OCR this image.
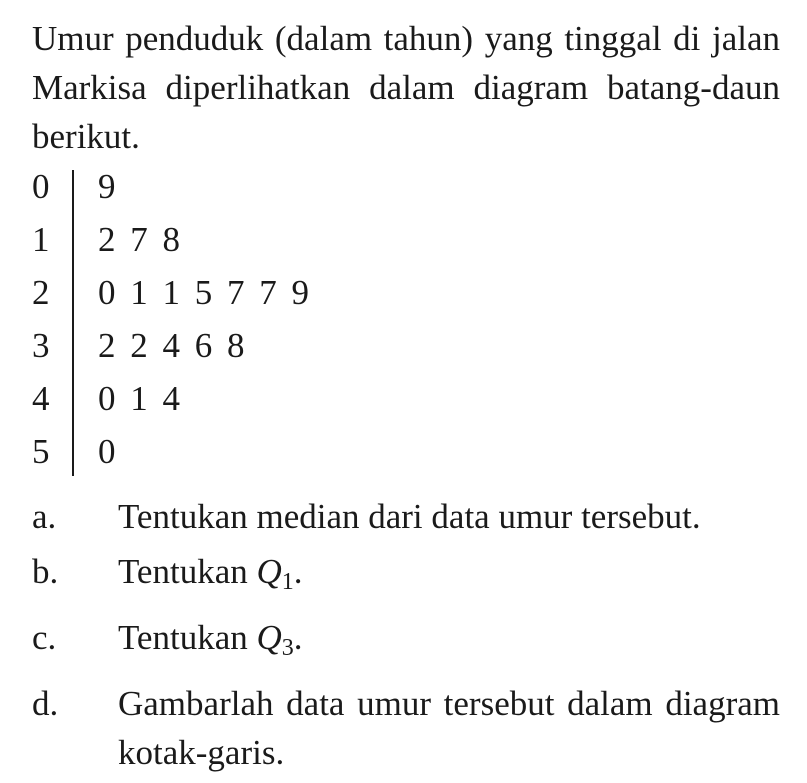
Umur penduduk (dalam tahun) yang tinggal di jalan Markisa diperlihatkan dalam diagram batang-daun berikut.

0 9
1 2 7 8
2 0 1 1 5 7 7 9
3 2 2 4 6 8
4 0 1 4
5 0
a. Tentukan median dari data umur tersebut.
b. Tentukan $Q_1$.
c. Tentukan $Q_3$.
d. Gambarlah data umur tersebut dalam diagram kotak-garis.
